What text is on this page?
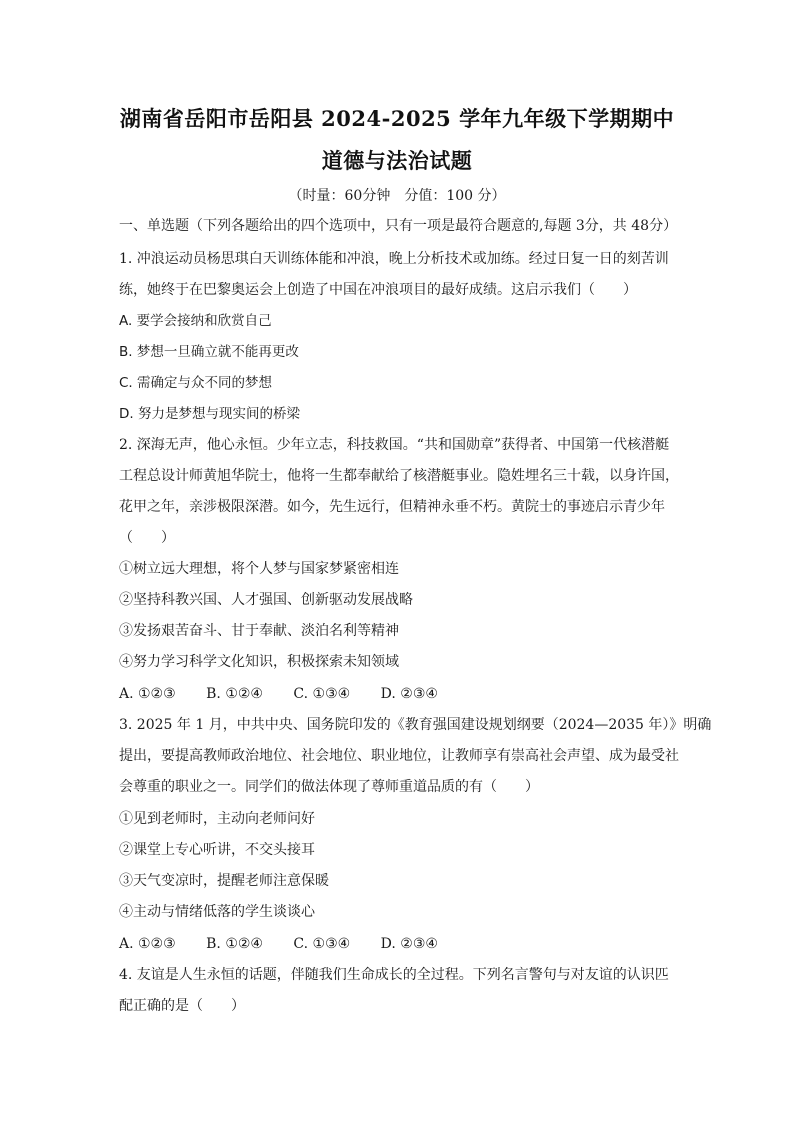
湖南省岳阳市岳阳县 2024-2025 学年九年级下学期期中
道德与法治试题
（时量：60分钟　分值：100 分）
一、单选题（下列各题给出的四个选项中，只有一项是最符合题意的,每题 3分，共 48分）
1. 冲浪运动员杨思琪白天训练体能和冲浪，晚上分析技术或加练。经过日复一日的刻苦训
练，她终于在巴黎奥运会上创造了中国在冲浪项目的最好成绩。这启示我们（　　）
A. 要学会接纳和欣赏自己
B. 梦想一旦确立就不能再更改
C. 需确定与众不同的梦想
D. 努力是梦想与现实间的桥梁
2. 深海无声，他心永恒。少年立志，科技救国。“共和国勋章”获得者、中国第一代核潜艇
工程总设计师黄旭华院士，他将一生都奉献给了核潜艇事业。隐姓埋名三十载，以身许国，
花甲之年，亲涉极限深潜。如今，先生远行，但精神永垂不朽。黄院士的事迹启示青少年
（　　）
①树立远大理想，将个人梦与国家梦紧密相连
②坚持科教兴国、人才强国、创新驱动发展战略
③发扬艰苦奋斗、甘于奉献、淡泊名利等精神
④努力学习科学文化知识，积极探索未知领域
A. ①②③ B. ①②④ C. ①③④ D. ②③④
3. 2025 年 1 月，中共中央、国务院印发的《教育强国建设规划纲要（2024—2035 年）》明确
提出，要提高教师政治地位、社会地位、职业地位，让教师享有崇高社会声望、成为最受社
会尊重的职业之一。同学们的做法体现了尊师重道品质的有（　　）
①见到老师时，主动向老师问好
②课堂上专心听讲，不交头接耳
③天气变凉时，提醒老师注意保暖
④主动与情绪低落的学生谈谈心
A. ①②③ B. ①②④ C. ①③④ D. ②③④
4. 友谊是人生永恒的话题，伴随我们生命成长的全过程。下列名言警句与对友谊的认识匹
配正确的是（　　）
